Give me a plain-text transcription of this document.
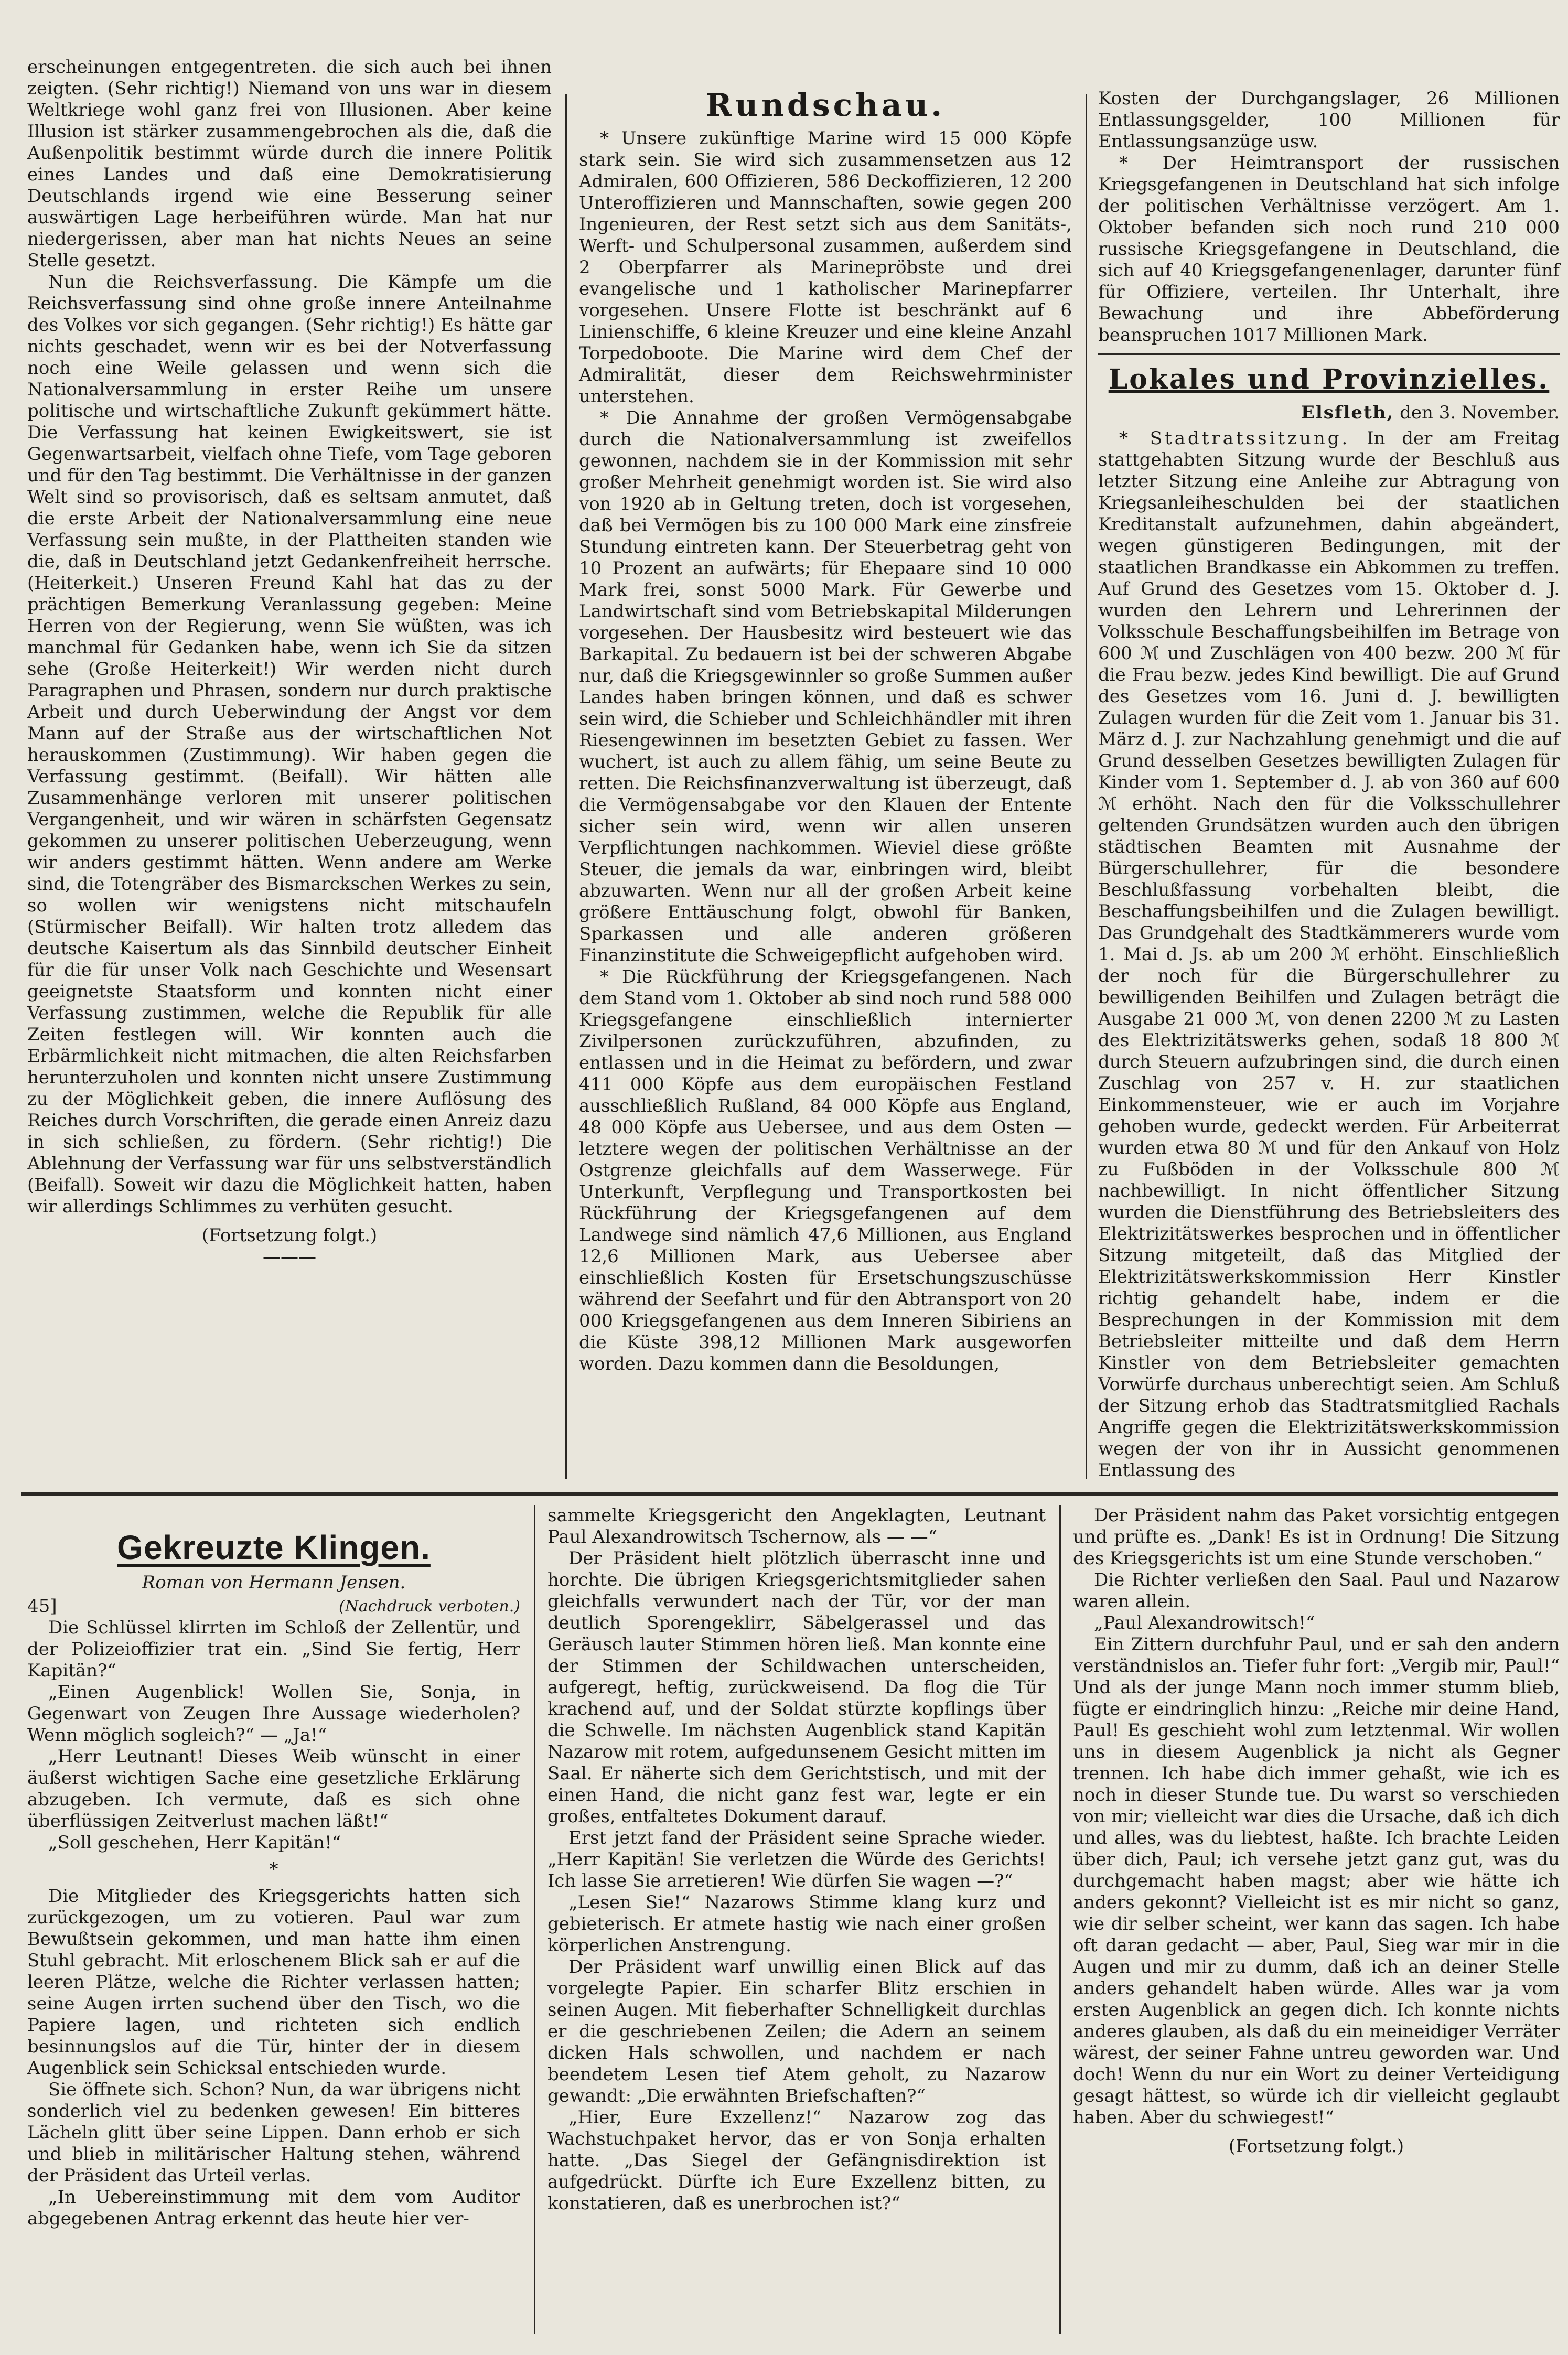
erscheinungen entgegentreten. die sich auch bei ihnen zeigten. (Sehr richtig!) Niemand von uns war in diesem Weltkriege wohl ganz frei von Illusionen. Aber keine Illusion ist stärker zusammengebrochen als die, daß die Außenpolitik bestimmt würde durch die innere Politik eines Landes und daß eine Demokratisierung Deutschlands irgend wie eine Besserung seiner auswärtigen Lage herbeiführen würde. Man hat nur niedergerissen, aber man hat nichts Neues an seine Stelle gesetzt.

Nun die Reichsverfassung. Die Kämpfe um die Reichsverfassung sind ohne große innere Anteilnahme des Volkes vor sich gegangen. (Sehr richtig!) Es hätte gar nichts geschadet, wenn wir es bei der Notverfassung noch eine Weile gelassen und wenn sich die Nationalversammlung in erster Reihe um unsere politische und wirtschaftliche Zukunft gekümmert hätte. Die Verfassung hat keinen Ewigkeitswert, sie ist Gegenwartsarbeit, vielfach ohne Tiefe, vom Tage geboren und für den Tag bestimmt. Die Verhältnisse in der ganzen Welt sind so provisorisch, daß es seltsam anmutet, daß die erste Arbeit der Nationalversammlung eine neue Verfassung sein mußte, in der Plattheiten standen wie die, daß in Deutschland jetzt Gedankenfreiheit herrsche. (Heiterkeit.) Unseren Freund Kahl hat das zu der prächtigen Bemerkung Veranlassung gegeben: Meine Herren von der Regierung, wenn Sie wüßten, was ich manchmal für Gedanken habe, wenn ich Sie da sitzen sehe (Große Heiterkeit!) Wir werden nicht durch Paragraphen und Phrasen, sondern nur durch praktische Arbeit und durch Ueberwindung der Angst vor dem Mann auf der Straße aus der wirtschaftlichen Not herauskommen (Zustimmung). Wir haben gegen die Verfassung gestimmt. (Beifall). Wir hätten alle Zusammenhänge verloren mit unserer politischen Vergangenheit, und wir wären in schärfsten Gegensatz gekommen zu unserer politischen Ueberzeugung, wenn wir anders gestimmt hätten. Wenn andere am Werke sind, die Totengräber des Bismarckschen Werkes zu sein, so wollen wir wenigstens nicht mitschaufeln (Stürmischer Beifall). Wir halten trotz alledem das deutsche Kaisertum als das Sinnbild deutscher Einheit für die für unser Volk nach Geschichte und Wesensart geeignetste Staatsform und konnten nicht einer Verfassung zustimmen, welche die Republik für alle Zeiten festlegen will. Wir konnten auch die Erbärmlichkeit nicht mitmachen, die alten Reichsfarben herunterzuholen und konnten nicht unsere Zustimmung zu der Möglichkeit geben, die innere Auflösung des Reiches durch Vorschriften, die gerade einen Anreiz dazu in sich schließen, zu fördern. (Sehr richtig!) Die Ablehnung der Verfassung war für uns selbstverständlich (Beifall). Soweit wir dazu die Möglichkeit hatten, haben wir allerdings Schlimmes zu verhüten gesucht.

(Fortsetzung folgt.)
———
Rundschau.

* Unsere zukünftige Marine wird 15 000 Köpfe stark sein. Sie wird sich zusammensetzen aus 12 Admiralen, 600 Offizieren, 586 Deckoffizieren, 12 200 Unteroffizieren und Mannschaften, sowie gegen 200 Ingenieuren, der Rest setzt sich aus dem Sanitäts-, Werft- und Schulpersonal zusammen, außerdem sind 2 Oberpfarrer als Marinepröbste und drei evangelische und 1 katholischer Marinepfarrer vorgesehen. Unsere Flotte ist beschränkt auf 6 Linienschiffe, 6 kleine Kreuzer und eine kleine Anzahl Torpedoboote. Die Marine wird dem Chef der Admiralität, dieser dem Reichswehrminister unterstehen.

* Die Annahme der großen Vermögensabgabe durch die Nationalversammlung ist zweifellos gewonnen, nachdem sie in der Kommission mit sehr großer Mehrheit genehmigt worden ist. Sie wird also von 1920 ab in Geltung treten, doch ist vorgesehen, daß bei Vermögen bis zu 100 000 Mark eine zinsfreie Stundung eintreten kann. Der Steuerbetrag geht von 10 Prozent an aufwärts; für Ehepaare sind 10 000 Mark frei, sonst 5000 Mark. Für Gewerbe und Landwirtschaft sind vom Betriebskapital Milderungen vorgesehen. Der Hausbesitz wird besteuert wie das Barkapital. Zu bedauern ist bei der schweren Abgabe nur, daß die Kriegsgewinnler so große Summen außer Landes haben bringen können, und daß es schwer sein wird, die Schieber und Schleichhändler mit ihren Riesengewinnen im besetzten Gebiet zu fassen. Wer wuchert, ist auch zu allem fähig, um seine Beute zu retten. Die Reichsfinanzverwaltung ist überzeugt, daß die Vermögensabgabe vor den Klauen der Entente sicher sein wird, wenn wir allen unseren Verpflichtungen nachkommen. Wieviel diese größte Steuer, die jemals da war, einbringen wird, bleibt abzuwarten. Wenn nur all der großen Arbeit keine größere Enttäuschung folgt, obwohl für Banken, Sparkassen und alle anderen größeren Finanzinstitute die Schweigepflicht aufgehoben wird.

* Die Rückführung der Kriegsgefangenen. Nach dem Stand vom 1. Oktober ab sind noch rund 588 000 Kriegsgefangene einschließlich internierter Zivilpersonen zurückzuführen, abzufinden, zu entlassen und in die Heimat zu befördern, und zwar 411 000 Köpfe aus dem europäischen Festland ausschließlich Rußland, 84 000 Köpfe aus England, 48 000 Köpfe aus Uebersee, und aus dem Osten — letztere wegen der politischen Verhältnisse an der Ostgrenze gleichfalls auf dem Wasserwege. Für Unterkunft, Verpflegung und Transportkosten bei Rückführung der Kriegsgefangenen auf dem Landwege sind nämlich 47,6 Millionen, aus England 12,6 Millionen Mark, aus Uebersee aber einschließlich Kosten für Ersetschungszuschüsse während der Seefahrt und für den Abtransport von 20 000 Kriegsgefangenen aus dem Inneren Sibiriens an die Küste 398,12 Millionen Mark ausgeworfen worden. Dazu kommen dann die Besoldungen,

Kosten der Durchgangslager, 26 Millionen Entlassungsgelder, 100 Millionen für Entlassungsanzüge usw.

* Der Heimtransport der russischen Kriegsgefangenen in Deutschland hat sich infolge der politischen Verhältnisse verzögert. Am 1. Oktober befanden sich noch rund 210 000 russische Kriegsgefangene in Deutschland, die sich auf 40 Kriegsgefangenenlager, darunter fünf für Offiziere, verteilen. Ihr Unterhalt, ihre Bewachung und ihre Abbeförderung beanspruchen 1017 Millionen Mark.

Lokales und Provinzielles.
Elsfleth, den 3. November.

* Stadtratssitzung. In der am Freitag stattgehabten Sitzung wurde der Beschluß aus letzter Sitzung eine Anleihe zur Abtragung von Kriegsanleiheschulden bei der staatlichen Kreditanstalt aufzunehmen, dahin abgeändert, wegen günstigeren Bedingungen, mit der staatlichen Brandkasse ein Abkommen zu treffen. Auf Grund des Gesetzes vom 15. Oktober d. J. wurden den Lehrern und Lehrerinnen der Volksschule Beschaffungsbeihilfen im Betrage von 600 ℳ und Zuschlägen von 400 bezw. 200 ℳ für die Frau bezw. jedes Kind bewilligt. Die auf Grund des Gesetzes vom 16. Juni d. J. bewilligten Zulagen wurden für die Zeit vom 1. Januar bis 31. März d. J. zur Nachzahlung genehmigt und die auf Grund desselben Gesetzes bewilligten Zulagen für Kinder vom 1. September d. J. ab von 360 auf 600 ℳ erhöht. Nach den für die Volksschullehrer geltenden Grundsätzen wurden auch den übrigen städtischen Beamten mit Ausnahme der Bürgerschullehrer, für die besondere Beschlußfassung vorbehalten bleibt, die Beschaffungsbeihilfen und die Zulagen bewilligt. Das Grundgehalt des Stadtkämmerers wurde vom 1. Mai d. Js. ab um 200 ℳ erhöht. Einschließlich der noch für die Bürgerschullehrer zu bewilligenden Beihilfen und Zulagen beträgt die Ausgabe 21 000 ℳ, von denen 2200 ℳ zu Lasten des Elektrizitätswerks gehen, sodaß 18 800 ℳ durch Steuern aufzubringen sind, die durch einen Zuschlag von 257 v. H. zur staatlichen Einkommensteuer, wie er auch im Vorjahre gehoben wurde, gedeckt werden. Für Arbeiterrat wurden etwa 80 ℳ und für den Ankauf von Holz zu Fußböden in der Volksschule 800 ℳ nachbewilligt. In nicht öffentlicher Sitzung wurden die Dienstführung des Betriebsleiters des Elektrizitätswerkes besprochen und in öffentlicher Sitzung mitgeteilt, daß das Mitglied der Elektrizitätswerkskommission Herr Kinstler richtig gehandelt habe, indem er die Besprechungen in der Kommission mit dem Betriebsleiter mitteilte und daß dem Herrn Kinstler von dem Betriebsleiter gemachten Vorwürfe durchaus unberechtigt seien. Am Schluß der Sitzung erhob das Stadtratsmitglied Rachals Angriffe gegen die Elektrizitätswerkskommission wegen der von ihr in Aussicht genommenen Entlassung des

Gekreuzte Klingen.
Roman von Hermann Jensen.
45]	(Nachdruck verboten.)

Die Schlüssel klirrten im Schloß der Zellentür, und der Polizeioffizier trat ein. „Sind Sie fertig, Herr Kapitän?“

„Einen Augenblick! Wollen Sie, Sonja, in Gegenwart von Zeugen Ihre Aussage wiederholen? Wenn möglich sogleich?“ — „Ja!“

„Herr Leutnant! Dieses Weib wünscht in einer äußerst wichtigen Sache eine gesetzliche Erklärung abzugeben. Ich vermute, daß es sich ohne überflüssigen Zeitverlust machen läßt!“

„Soll geschehen, Herr Kapitän!“

*

Die Mitglieder des Kriegsgerichts hatten sich zurückgezogen, um zu votieren. Paul war zum Bewußtsein gekommen, und man hatte ihm einen Stuhl gebracht. Mit erloschenem Blick sah er auf die leeren Plätze, welche die Richter verlassen hatten; seine Augen irrten suchend über den Tisch, wo die Papiere lagen, und richteten sich endlich besinnungslos auf die Tür, hinter der in diesem Augenblick sein Schicksal entschieden wurde.

Sie öffnete sich. Schon? Nun, da war übrigens nicht sonderlich viel zu bedenken gewesen! Ein bitteres Lächeln glitt über seine Lippen. Dann erhob er sich und blieb in militärischer Haltung stehen, während der Präsident das Urteil verlas.

„In Uebereinstimmung mit dem vom Auditor abgegebenen Antrag erkennt das heute hier ver-

sammelte Kriegsgericht den Angeklagten, Leutnant Paul Alexandrowitsch Tschernow, als — —“

Der Präsident hielt plötzlich überrascht inne und horchte. Die übrigen Kriegsgerichtsmitglieder sahen gleichfalls verwundert nach der Tür, vor der man deutlich Sporengeklirr, Säbelgerassel und das Geräusch lauter Stimmen hören ließ. Man konnte eine der Stimmen der Schildwachen unterscheiden, aufgeregt, heftig, zurückweisend. Da flog die Tür krachend auf, und der Soldat stürzte kopflings über die Schwelle. Im nächsten Augenblick stand Kapitän Nazarow mit rotem, aufgedunsenem Gesicht mitten im Saal. Er näherte sich dem Gerichtstisch, und mit der einen Hand, die nicht ganz fest war, legte er ein großes, entfaltetes Dokument darauf.

Erst jetzt fand der Präsident seine Sprache wieder. „Herr Kapitän! Sie verletzen die Würde des Gerichts! Ich lasse Sie arretieren! Wie dürfen Sie wagen —?“

„Lesen Sie!“ Nazarows Stimme klang kurz und gebieterisch. Er atmete hastig wie nach einer großen körperlichen Anstrengung.

Der Präsident warf unwillig einen Blick auf das vorgelegte Papier. Ein scharfer Blitz erschien in seinen Augen. Mit fieberhafter Schnelligkeit durchlas er die geschriebenen Zeilen; die Adern an seinem dicken Hals schwollen, und nachdem er nach beendetem Lesen tief Atem geholt, zu Nazarow gewandt: „Die erwähnten Briefschaften?“

„Hier, Eure Exzellenz!“ Nazarow zog das Wachstuchpaket hervor, das er von Sonja erhalten hatte. „Das Siegel der Gefängnisdirektion ist aufgedrückt. Dürfte ich Eure Exzellenz bitten, zu konstatieren, daß es unerbrochen ist?“

Der Präsident nahm das Paket vorsichtig entgegen und prüfte es. „Dank! Es ist in Ordnung! Die Sitzung des Kriegsgerichts ist um eine Stunde verschoben.“

Die Richter verließen den Saal. Paul und Nazarow waren allein.

„Paul Alexandrowitsch!“

Ein Zittern durchfuhr Paul, und er sah den andern verständnislos an. Tiefer fuhr fort: „Vergib mir, Paul!“ Und als der junge Mann noch immer stumm blieb, fügte er eindringlich hinzu: „Reiche mir deine Hand, Paul! Es geschieht wohl zum letztenmal. Wir wollen uns in diesem Augenblick ja nicht als Gegner trennen. Ich habe dich immer gehaßt, wie ich es noch in dieser Stunde tue. Du warst so verschieden von mir; vielleicht war dies die Ursache, daß ich dich und alles, was du liebtest, haßte. Ich brachte Leiden über dich, Paul; ich versehe jetzt ganz gut, was du durchgemacht haben magst; aber wie hätte ich anders gekonnt? Vielleicht ist es mir nicht so ganz, wie dir selber scheint, wer kann das sagen. Ich habe oft daran gedacht — aber, Paul, Sieg war mir in die Augen und mir zu dumm, daß ich an deiner Stelle anders gehandelt haben würde. Alles war ja vom ersten Augenblick an gegen dich. Ich konnte nichts anderes glauben, als daß du ein meineidiger Verräter wärest, der seiner Fahne untreu geworden war. Und doch! Wenn du nur ein Wort zu deiner Verteidigung gesagt hättest, so würde ich dir vielleicht geglaubt haben. Aber du schwiegest!“

(Fortsetzung folgt.)
